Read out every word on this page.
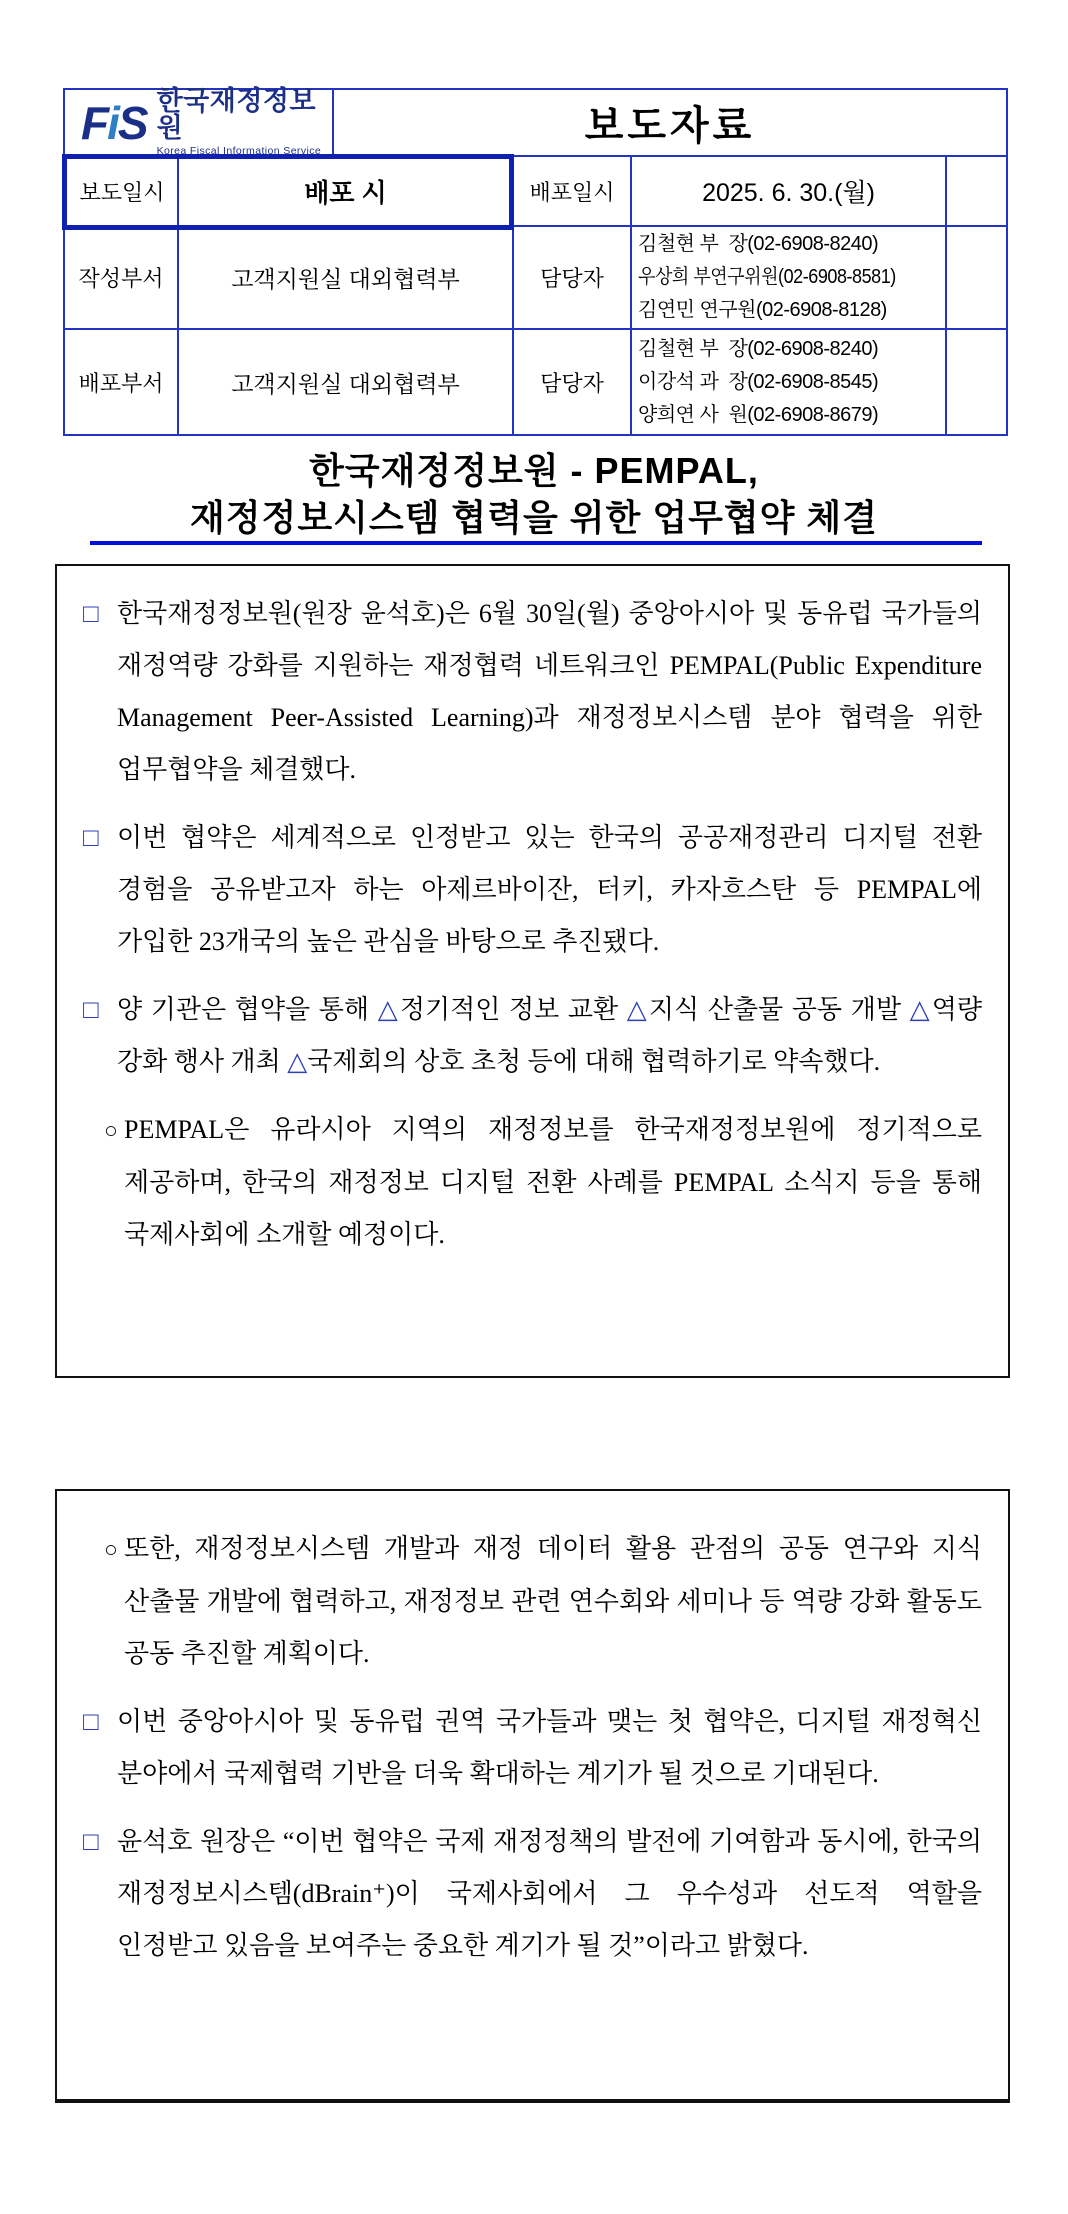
FiS 한국재정정보원
Korea Fiscal Information Service
보도자료
보도일시	배포 시	배포일시	2025. 6. 30.(월)
작성부서	고객지원실 대외협력부	담당자
김철현 부  장(02-6908-8240)
우상희 부연구위원(02-6908-8581)
김연민 연구원(02-6908-8128)
배포부서	고객지원실 대외협력부	담당자
김철현 부  장(02-6908-8240)
이강석 과  장(02-6908-8545)
양희연 사  원(02-6908-8679)
한국재정정보원 - PEMPAL,
재정정보시스템 협력을 위한 업무협약 체결

□ 한국재정정보원(원장 윤석호)은 6월 30일(월) 중앙아시아 및 동유럽 국가들의 재정역량 강화를 지원하는 재정협력 네트워크인 PEMPAL(Public Expenditure Management Peer-Assisted Learning)과 재정정보시스템 분야 협력을 위한 업무협약을 체결했다.

□ 이번 협약은 세계적으로 인정받고 있는 한국의 공공재정관리 디지털 전환 경험을 공유받고자 하는 아제르바이잔, 터키, 카자흐스탄 등 PEMPAL에 가입한 23개국의 높은 관심을 바탕으로 추진됐다.

□ 양 기관은 협약을 통해 △정기적인 정보 교환 △지식 산출물 공동 개발 △역량 강화 행사 개최 △국제회의 상호 초청 등에 대해 협력하기로 약속했다.

○ PEMPAL은 유라시아 지역의 재정정보를 한국재정정보원에 정기적으로 제공하며, 한국의 재정정보 디지털 전환 사례를 PEMPAL 소식지 등을 통해 국제사회에 소개할 예정이다.

○ 또한, 재정정보시스템 개발과 재정 데이터 활용 관점의 공동 연구와 지식 산출물 개발에 협력하고, 재정정보 관련 연수회와 세미나 등 역량 강화 활동도 공동 추진할 계획이다.

□ 이번 중앙아시아 및 동유럽 권역 국가들과 맺는 첫 협약은, 디지털 재정혁신 분야에서 국제협력 기반을 더욱 확대하는 계기가 될 것으로 기대된다.

□ 윤석호 원장은 “이번 협약은 국제 재정정책의 발전에 기여함과 동시에, 한국의 재정정보시스템(dBrain⁺)이 국제사회에서 그 우수성과 선도적 역할을 인정받고 있음을 보여주는 중요한 계기가 될 것”이라고 밝혔다.
